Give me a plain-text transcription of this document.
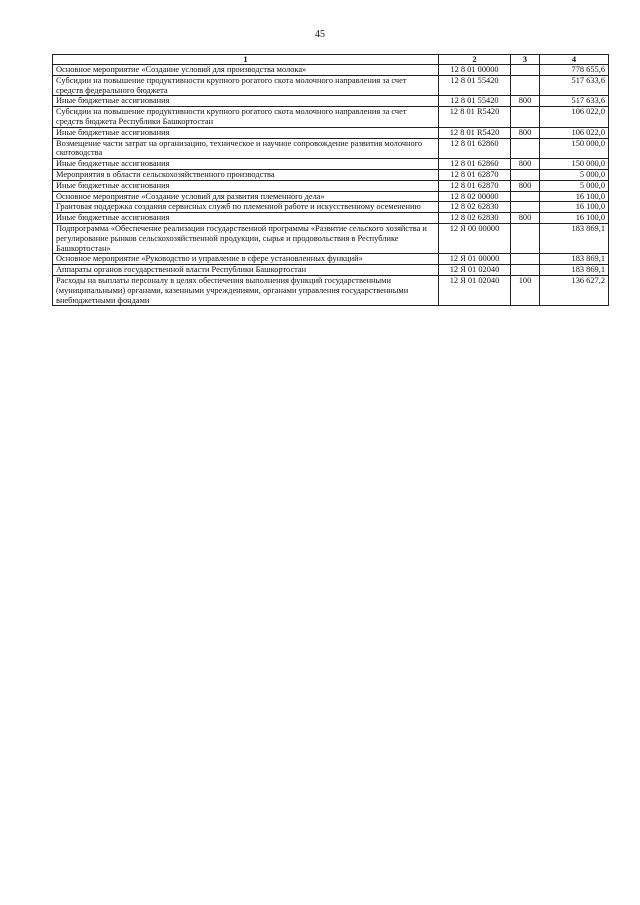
45
1	2	3	4
Основное мероприятие «Создание условий для производства молока»	12 8 01 00000		778 655,6
Субсидии на повышение продуктивности крупного рогатого скота молочного направления за счет средств федерального бюджета	12 8 01 55420		517 633,6
Иные бюджетные ассигнования	12 8 01 55420	800	517 633,6
Субсидии на повышение продуктивности крупного рогатого скота молочного направления за счет средств бюджета Республики Башкортостан	12 8 01 R5420		106 022,0
Иные бюджетные ассигнования	12 8 01 R5420	800	106 022,0
Возмещение части затрат на организацию, техническое и научное сопровождение развития молочного скотоводства	12 8 01 62860		150 000,0
Иные бюджетные ассигнования	12 8 01 62860	800	150 000,0
Мероприятия в области сельскохозяйственного производства	12 8 01 62870		5 000,0
Иные бюджетные ассигнования	12 8 01 62870	800	5 000,0
Основное мероприятие «Создание условий для развития племенного дела»	12 8 02 00000		16 100,0
Грантовая поддержка создания сервисных служб по племенной работе и искусственному осеменению	12 8 02 62830		16 100,0
Иные бюджетные ассигнования	12 8 02 62830	800	16 100,0
Подпрограмма «Обеспечение реализации государственной программы «Развитие сельского хозяйства и регулирование рынков сельскохозяйственной продукции, сырья и продовольствия в Республике Башкортостан»	12 Я 00 00000		183 869,1
Основное мероприятие «Руководство и управление в сфере установленных функций»	12 Я 01 00000		183 869,1
Аппараты органов государственной власти Республики Башкортостан	12 Я 01 02040		183 869,1
Расходы на выплаты персоналу в целях обеспечения выполнения функций государственными (муниципальными) органами, казенными учреждениями, органами управления государственными внебюджетными фондами	12 Я 01 02040	100	136 627,2
